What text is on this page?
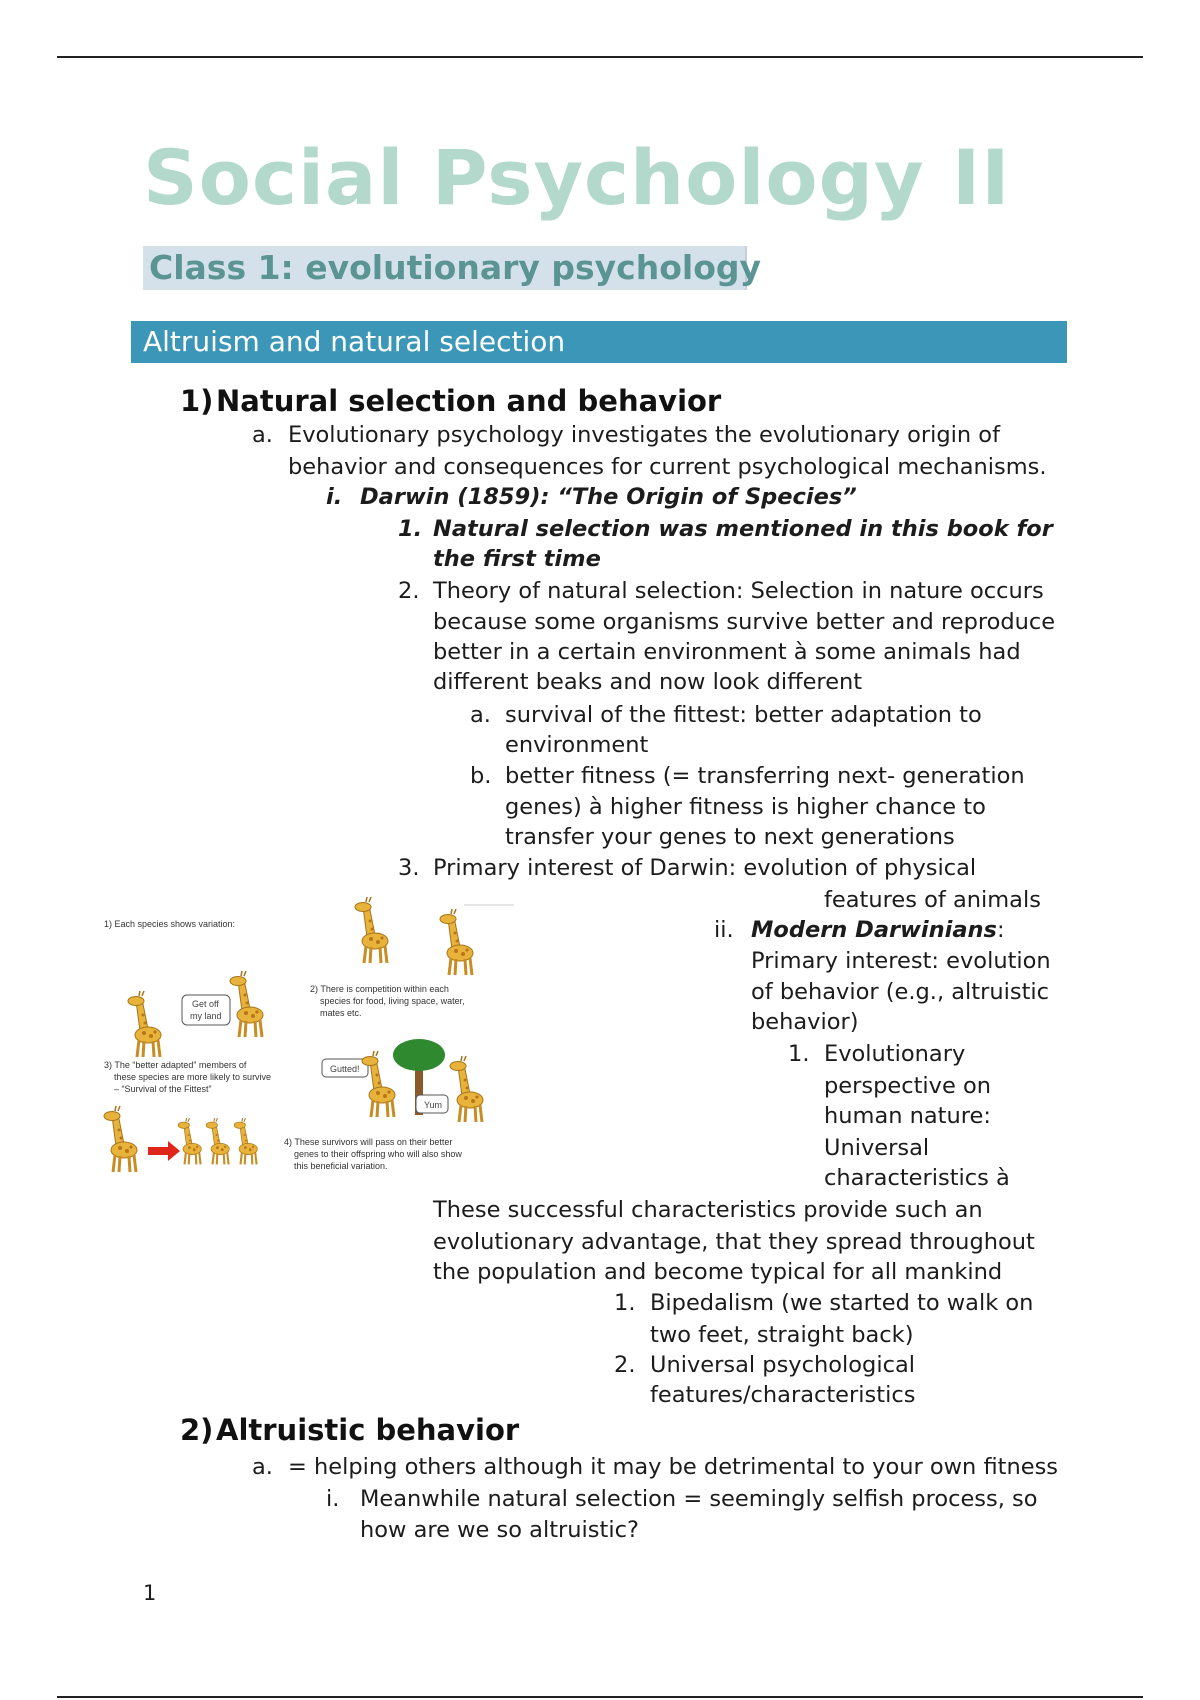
Social Psychology II
Class 1: evolutionary psychology
Altruism and natural selection
1) Natural selection and behavior
a. Evolutionary psychology investigates the evolutionary origin of
behavior and consequences for current psychological mechanisms.
i. Darwin (1859): “The Origin of Species”
1. Natural selection was mentioned in this book for
the first time
2. Theory of natural selection: Selection in nature occurs
because some organisms survive better and reproduce
better in a certain environment à some animals had
different beaks and now look different
a. survival of the fittest: better adaptation to
environment
b. better fitness (= transferring next- generation
genes) à higher fitness is higher chance to
transfer your genes to next generations
3. Primary interest of Darwin: evolution of physical
features of animals
ii. Modern Darwinians:
Primary interest: evolution
of behavior (e.g., altruistic
behavior)
1. Evolutionary
perspective on
human nature:
Universal
characteristics à
These successful characteristics provide such an
evolutionary advantage, that they spread throughout
the population and become typical for all mankind
1. Bipedalism (we started to walk on
two feet, straight back)
2. Universal psychological
features/characteristics
2) Altruistic behavior
a. = helping others although it may be detrimental to your own fitness
i. Meanwhile natural selection = seemingly selfish process, so
how are we so altruistic?
1
1) Each species shows variation:
2) There is competition within each
species for food, living space, water,
mates etc.
Get off
my land
3) The “better adapted” members of
these species are more likely to survive
– “Survival of the Fittest”
Gutted!
Yum
4) These survivors will pass on their better
genes to their offspring who will also show
this beneficial variation.
